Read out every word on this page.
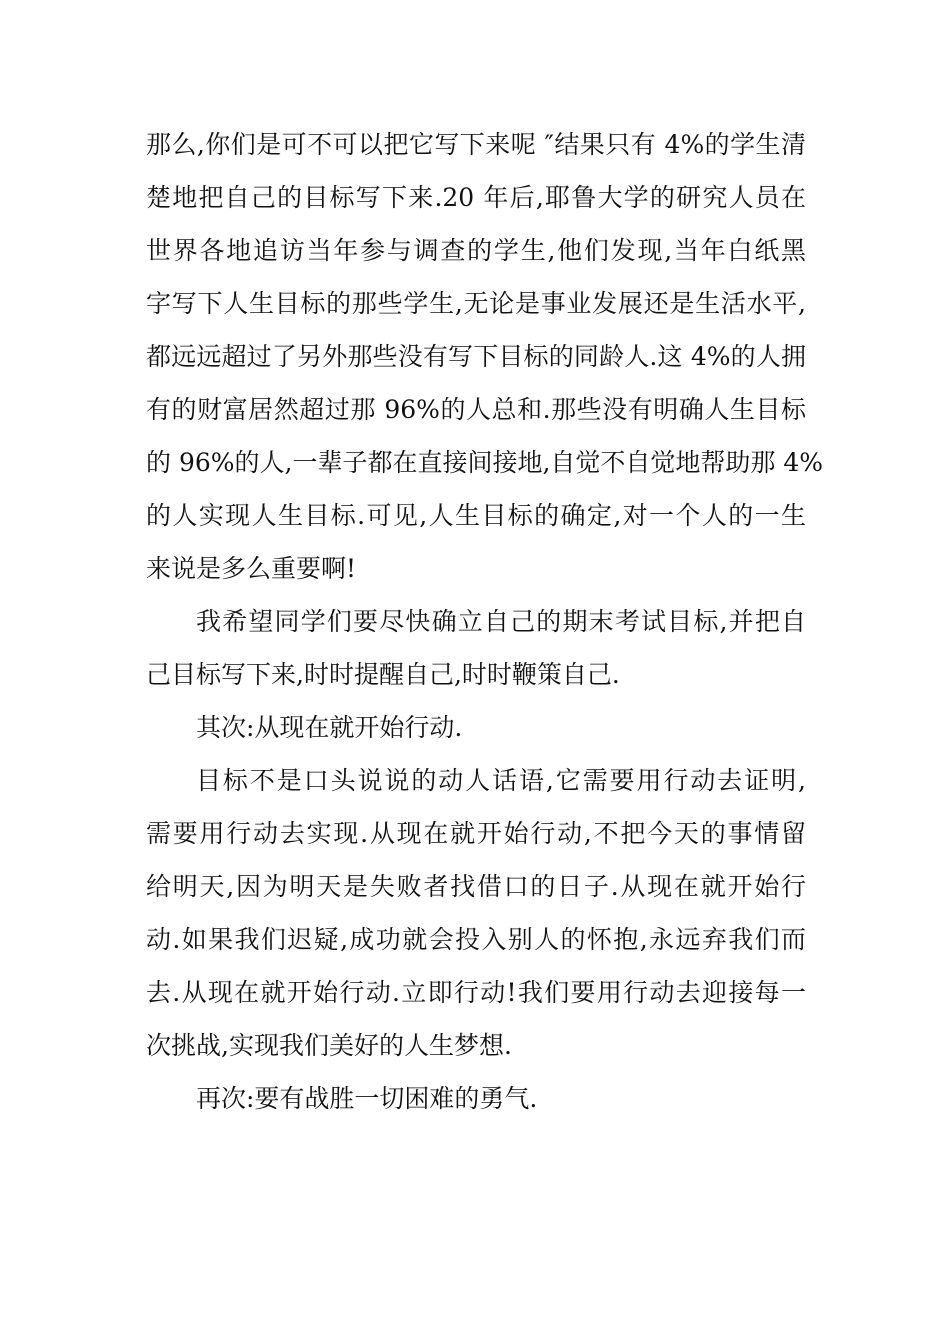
那么,你们是可不可以把它写下来呢 ″结果只有 4%的学生清
楚地把自己的目标写下来.20 年后,耶鲁大学的研究人员在
世界各地追访当年参与调查的学生,他们发现,当年白纸黑
字写下人生目标的那些学生,无论是事业发展还是生活水平,
都远远超过了另外那些没有写下目标的同龄人.这 4%的人拥
有的财富居然超过那 96%的人总和.那些没有明确人生目标
的 96%的人,一辈子都在直接间接地,自觉不自觉地帮助那 4%
的人实现人生目标.可见,人生目标的确定,对一个人的一生
来说是多么重要啊!
我希望同学们要尽快确立自己的期末考试目标,并把自
己目标写下来,时时提醒自己,时时鞭策自己.
其次:从现在就开始行动.
目标不是口头说说的动人话语,它需要用行动去证明,
需要用行动去实现.从现在就开始行动,不把今天的事情留
给明天,因为明天是失败者找借口的日子.从现在就开始行
动.如果我们迟疑,成功就会投入别人的怀抱,永远弃我们而
去.从现在就开始行动.立即行动!我们要用行动去迎接每一
次挑战,实现我们美好的人生梦想.
再次:要有战胜一切困难的勇气.
